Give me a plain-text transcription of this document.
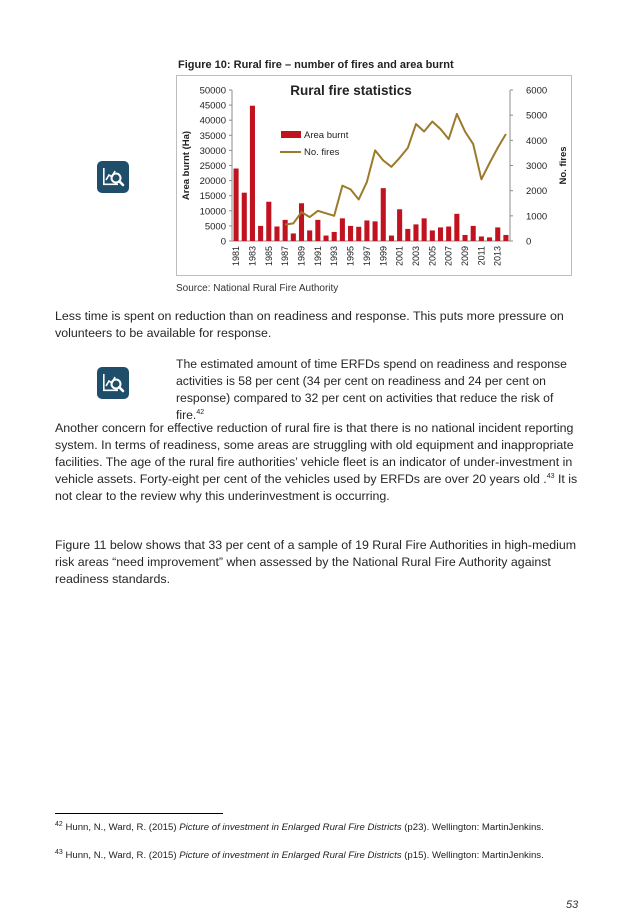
Figure 10: Rural fire – number of fires and area burnt
0
5000
10000
15000
20000
25000
30000
35000
40000
45000
50000
0
1000
2000
3000
4000
5000
6000
Area burnt (Ha)	No. fires
1981 1983 1985 1987 1989 1991 1993 1995 1997 1999 2001 2003 2005 2007 2009 2011 2013
Rural fire statistics
Area burnt
No. fires
Source: National Rural Fire Authority

Less time is spent on reduction than on readiness and response. This puts more pressure on volunteers to be available for response.

The estimated amount of time ERFDs spend on readiness and response activities is 58 per cent (34 per cent on readiness and 24 per cent on response) compared to 32 per cent on activities that reduce the risk of fire.$^{42}$

Another concern for effective reduction of rural fire is that there is no national incident reporting system. In terms of readiness, some areas are struggling with old equipment and inappropriate facilities. The age of the rural fire authorities’ vehicle fleet is an indicator of under-investment in vehicle assets. Forty-eight per cent of the vehicles used by ERFDs are over 20 years old .$^{43}$ It is not clear to the review why this underinvestment is occurring.

Figure 11 below shows that 33 per cent of a sample of 19 Rural Fire Authorities in high-medium risk areas “need improvement” when assessed by the National Rural Fire Authority against readiness standards.

$^{42}$ Hunn, N., Ward, R. (2015) Picture of investment in Enlarged Rural Fire Districts (p23). Wellington: MartinJenkins.

$^{43}$ Hunn, N., Ward, R. (2015) Picture of investment in Enlarged Rural Fire Districts (p15). Wellington: MartinJenkins.

53
